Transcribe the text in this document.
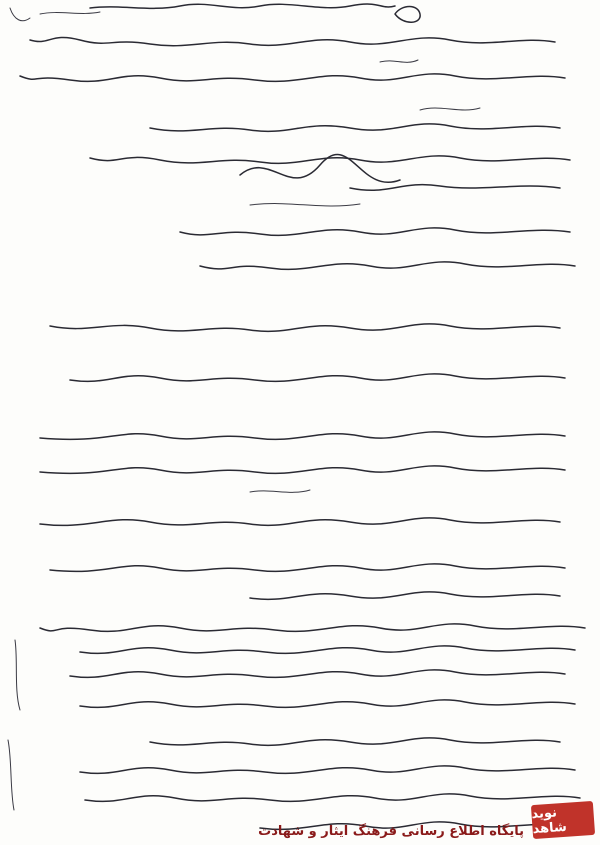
پایگاه اطلاع رسانی فرهنگ ایثار و شهادت
نوید شاهد
